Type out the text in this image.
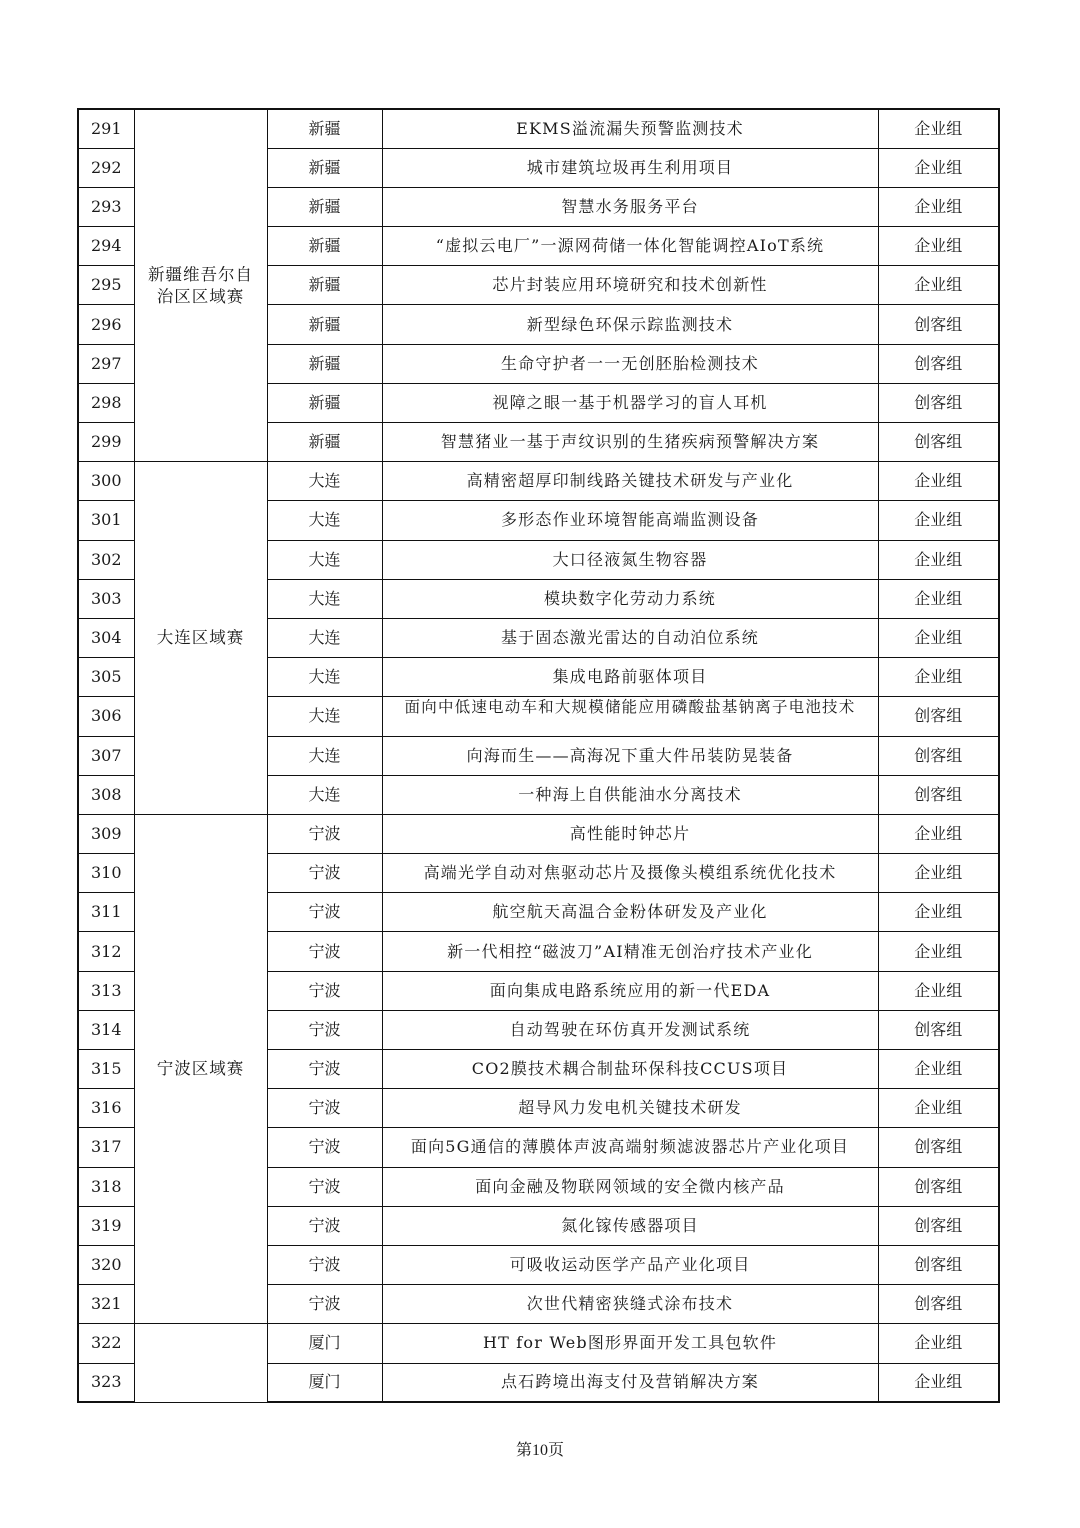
291	新疆维吾尔自治区区域赛	新疆	EKMS溢流漏失预警监测技术	企业组
292		新疆	城市建筑垃圾再生利用项目	企业组
293		新疆	智慧水务服务平台	企业组
294		新疆	“虚拟云电厂”一源网荷储一体化智能调控AIoT系统	企业组
295		新疆	芯片封装应用环境研究和技术创新性	企业组
296		新疆	新型绿色环保示踪监测技术	创客组
297		新疆	生命守护者一一无创胚胎检测技术	创客组
298		新疆	视障之眼一基于机器学习的盲人耳机	创客组
299		新疆	智慧猪业一基于声纹识别的生猪疾病预警解决方案	创客组
300	大连区域赛	大连	高精密超厚印制线路关键技术研发与产业化	企业组
301		大连	多形态作业环境智能高端监测设备	企业组
302		大连	大口径液氮生物容器	企业组
303		大连	模块数字化劳动力系统	企业组
304		大连	基于固态激光雷达的自动泊位系统	企业组
305		大连	集成电路前驱体项目	企业组
306		大连	面向中低速电动车和大规模储能应用磷酸盐基钠离子电池技术	创客组
307		大连	向海而生——高海况下重大件吊装防晃装备	创客组
308		大连	一种海上自供能油水分离技术	创客组
309	宁波区域赛	宁波	高性能时钟芯片	企业组
310		宁波	高端光学自动对焦驱动芯片及摄像头模组系统优化技术	企业组
311		宁波	航空航天高温合金粉体研发及产业化	企业组
312		宁波	新一代相控“磁波刀”AI精准无创治疗技术产业化	企业组
313		宁波	面向集成电路系统应用的新一代EDA	企业组
314		宁波	自动驾驶在环仿真开发测试系统	创客组
315		宁波	CO2膜技术耦合制盐环保科技CCUS项目	企业组
316		宁波	超导风力发电机关键技术研发	企业组
317		宁波	面向5G通信的薄膜体声波高端射频滤波器芯片产业化项目	创客组
318		宁波	面向金融及物联网领域的安全微内核产品	创客组
319		宁波	氮化镓传感器项目	创客组
320		宁波	可吸收运动医学产品产业化项目	创客组
321		宁波	次世代精密狭缝式涂布技术	创客组
322		厦门	HT for Web图形界面开发工具包软件	企业组
323		厦门	点石跨境出海支付及营销解决方案	企业组
第10页
